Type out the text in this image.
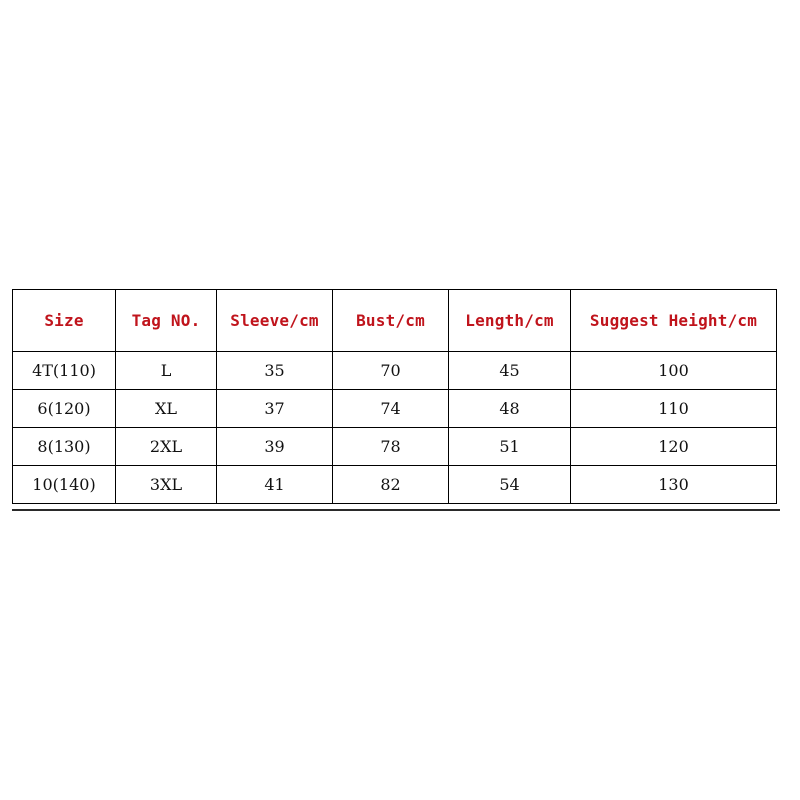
Size	Tag NO.	Sleeve/cm	Bust/cm	Length/cm	Suggest Height/cm
4T(110)	L	35	70	45	100
6(120)	XL	37	74	48	110
8(130)	2XL	39	78	51	120
10(140)	3XL	41	82	54	130
